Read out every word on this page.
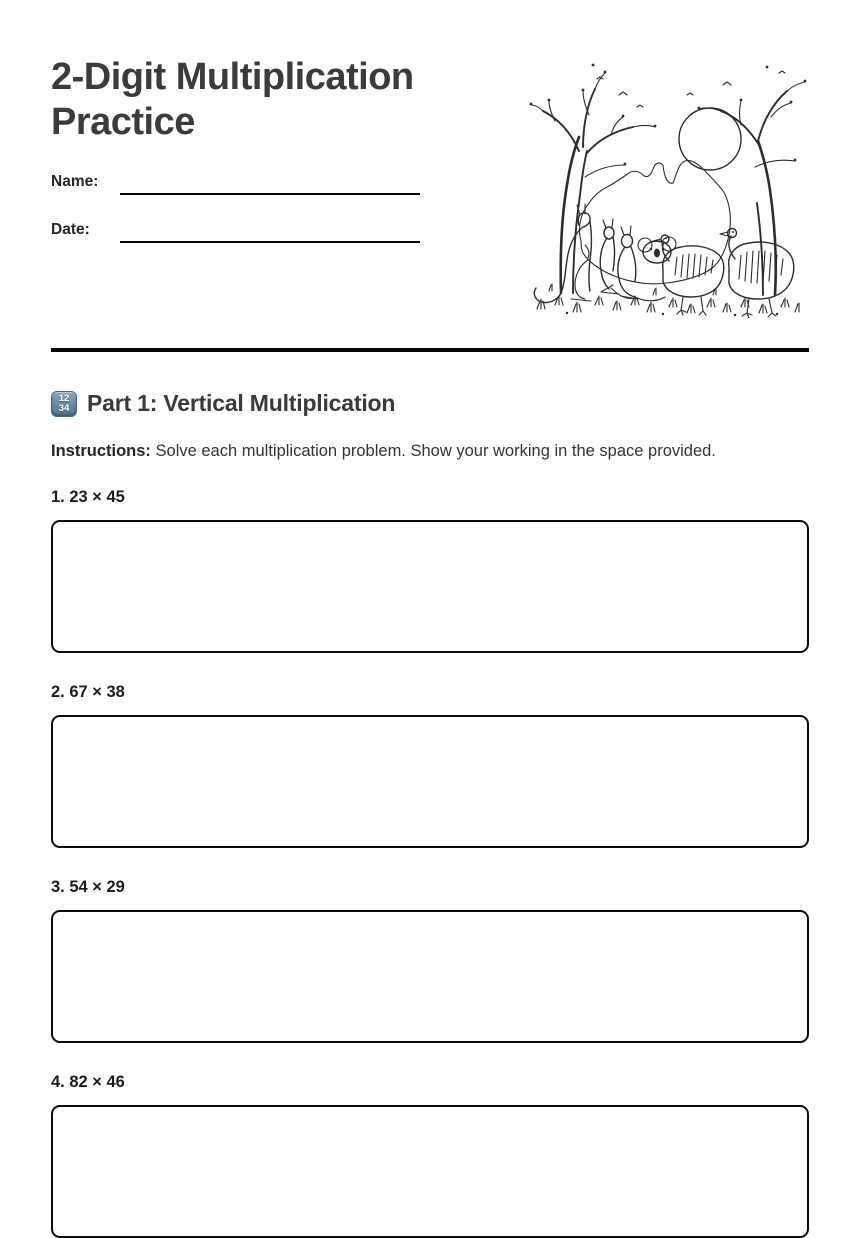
2-Digit Multiplication Practice
Name:
Date:
12
34 Part 1: Vertical Multiplication

Instructions: Solve each multiplication problem. Show your working in the space provided.

1. 23 × 45
2. 67 × 38
3. 54 × 29
4. 82 × 46
